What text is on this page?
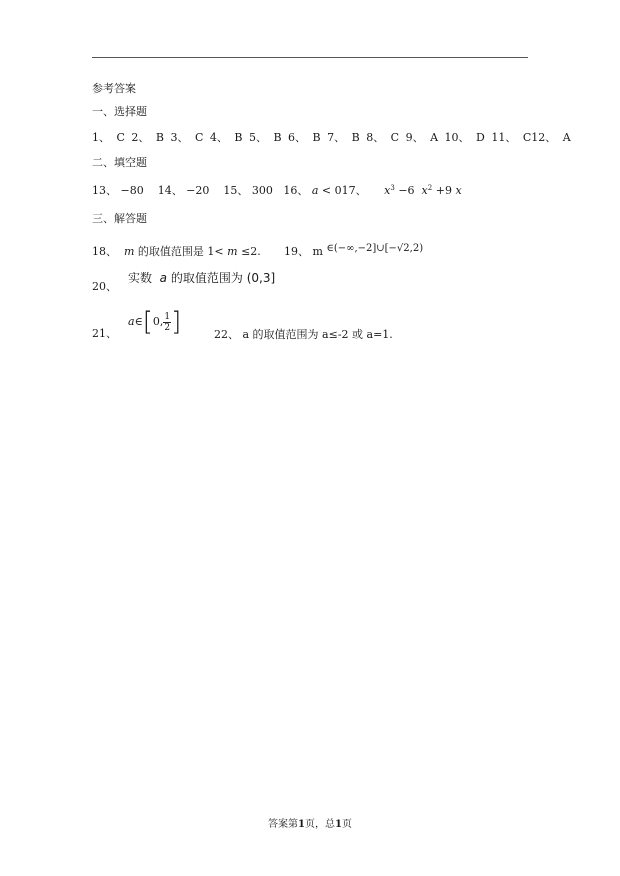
参考答案
一、选择题
1、 C 2、 B 3、 C 4、 B 5、 B 6、 B 7、 B 8、 C 9、 A 10、 D 11、 C12、 A
二、填空题
13、 −80    14、 −20    15、 300   16、 a < 017、 $x^3 -6$  $x^2 +9$ x
三、解答题
18、 m 的取值范围是 1< m ≤2. 19、 m ∈(−∞,−2]∪[−√2,2)
20、
实数 a 的取值范围为 (0,3]
21、
a∈[0, $\frac{1}{2}$ ]	22、 a 的取值范围为 a≤-2 或 a=1.
答案第1页，总1页
